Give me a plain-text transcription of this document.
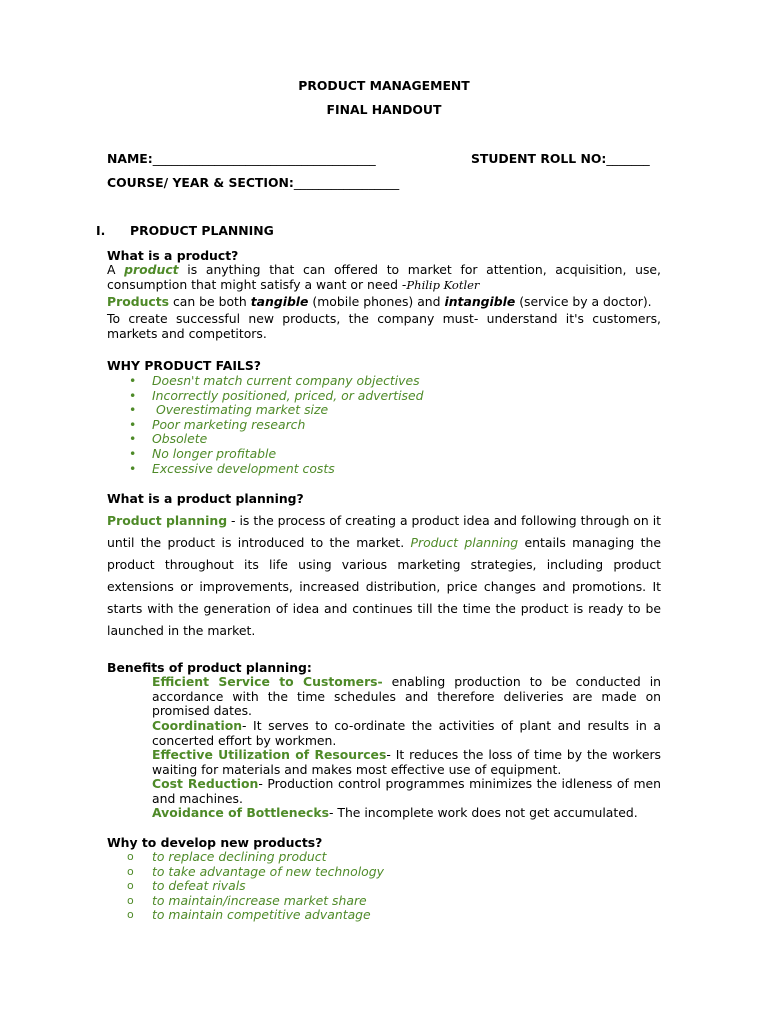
PRODUCT MANAGEMENT
FINAL HANDOUT
NAME:____________________________________	STUDENT ROLL NO:_______
COURSE/ YEAR & SECTION:_________________
I. PRODUCT PLANNING
What is a product?
A product is anything that can offered to market for attention, acquisition, use, consumption that might satisfy a want or need -Philip Kotler
Products can be both tangible (mobile phones) and intangible (service by a doctor).
To create successful new products, the company must- understand it's customers, markets and competitors.
WHY PRODUCT FAILS?
• Doesn't match current company objectives
• Incorrectly positioned, priced, or advertised
• Overestimating market size
• Poor marketing research
• Obsolete
• No longer profitable
• Excessive development costs
What is a product planning?
Product planning - is the process of creating a product idea and following through on it until the product is introduced to the market. Product planning entails managing the product throughout its life using various marketing strategies, including product extensions or improvements, increased distribution, price changes and promotions. It starts with the generation of idea and continues till the time the product is ready to be launched in the market.
Benefits of product planning:
Efficient Service to Customers- enabling production to be conducted in accordance with the time schedules and therefore deliveries are made on promised dates.
Coordination- It serves to co-ordinate the activities of plant and results in a concerted effort by workmen.
Effective Utilization of Resources- It reduces the loss of time by the workers waiting for materials and makes most effective use of equipment.
Cost Reduction- Production control programmes minimizes the idleness of men and machines.
Avoidance of Bottlenecks- The incomplete work does not get accumulated.
Why to develop new products?
o to replace declining product
o to take advantage of new technology
o to defeat rivals
o to maintain/increase market share
o to maintain competitive advantage
